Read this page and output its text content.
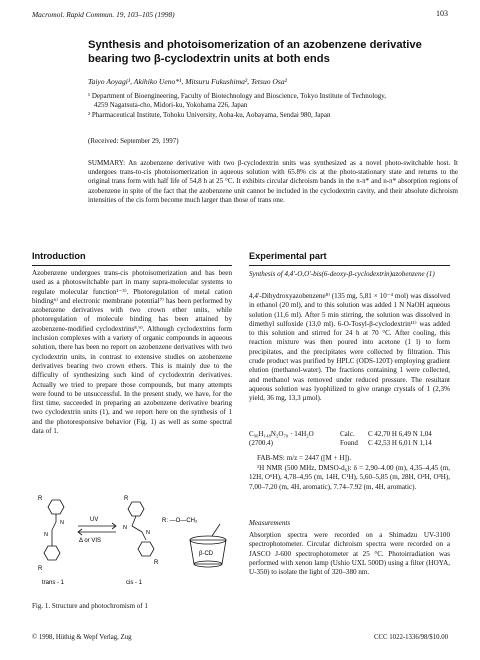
Macromol. Rapid Commun. 19, 103–105 (1998)	103
Synthesis and photoisomerization of an azobenzene derivative
bearing two β-cyclodextrin units at both ends
Taiyo Aoyagi¹, Akihiko Ueno*¹, Mitsuru Fukushima², Tetsuo Osa²
¹ Department of Bioengineering, Faculty of Biotechnology and Bioscience, Tokyo Institute of Technology,
4259 Nagatsuta-cho, Midori-ku, Yokohama 226, Japan
² Pharmaceutical Institute, Tohoku University, Aoba-ku, Aobayama, Sendai 980, Japan
(Received: September 29, 1997)
SUMMARY: An azobenzene derivative with two β-cyclodextrin units was synthesized as a novel photo-switchable host. It undergoes trans-to-cis photoisomerization in aqueous solution with 65.8% cis at the photo-stationary state and returns to the original trans form with half life of 54,8 h at 25 °C. It exhibits circular dichroism bands in the π-π* and n-π* absorption regions of azobenzene in spite of the fact that the azobenzene unit cannot be included in the cyclodextrin cavity, and their absolute dichroism intensities of the cis form become much larger than those of trans one.
Introduction
Azobenzene undergoes trans-cis photoisomerization and has been used as a photoswitchable part in many supra-molecular systems to regulate molecular function¹⁻⁵⁾. Photoregulation of metal cation binding⁶⁾ and electronic membrane potential⁷⁾ has been performed by azobenzene derivatives with two crown ether units, while photoregulation of molecule binding has been attained by azobenzene-modified cyclodextrins⁸,⁹⁾. Although cyclodextrins form inclusion complexes with a variety of organic compounds in aqueous solution, there has been no report on azobenzene derivatives with two cyclodextrin units, in contrast to extensive studies on azobenzene derivatives bearing two crown ethers. This is mainly due to the difficulty of synthesizing such kind of cyclodextrin derivatives. Actually we tried to prepare those compounds, but many attempts were found to be unsuccessful. In the present study, we have, for the first time, succeeded in preparing an azobenzene derivative bearing two cyclodextrin units (1), and we report here on the synthesis of 1 and the photoresponsive behavior (Fig. 1) as well as some spectral data of 1.
R
R
N
N
trans - 1
UV
Δ or VIS
R
R
N
N
cis - 1
R: —O—CH₂
β-CD
Fig. 1. Structure and photochromism of 1
Experimental part
Synthesis of 4,4′-O,O′-bis(6-deoxy-β-cyclodextrin)azobenzene (1)
4,4′-Dihydroxyazobenzene⁸⁾ (135 mg, 5,81 × 10⁻⁴ mol) was dissolved in ethanol (20 ml), and to this solution was added 1 N NaOH aqueous solution (11,6 ml). After 5 min stirring, the solution was dissolved in dimethyl sulfoxide (13,0 ml). 6-O-Tosyl-β-cyclodextrin¹¹⁾ was added to this solution and stirred for 24 h at 70 °C. After cooling, this reaction mixture was then poured into acetone (1 l) to form precipitates, and the precipitates were collected by filtration. This crude product was purified by HPLC (ODS-120T) employing gradient elution (methanol-water). The fractions containing 1 were collected, and methanol was removed under reduced pressure. The resultant aqueous solution was lyophilized to give orange crystals of 1 (2,3% yield, 36 mg, 13,3 µmol).
C₉₆H₁₄₈N₂O₇₀ · 14H₂O
(2700.4)
Calc. C 42,70 H 6,49 N 1,04
Found C 42,53 H 6,01 N 1,14
FAB-MS: m/z = 2447 ([M + H]).
¹H NMR (500 MHz, DMSO-d₆): δ = 2,90–4.00 (m), 4,35–4,45 (m, 12H, O⁶H), 4,78–4,95 (m, 14H, C¹H), 5,60–5,85 (m, 28H, O²H, O³H), 7,00–7,20 (m, 4H, aromatic), 7.74–7.92 (m, 4H, aromatic).
Measurements
Absorption spectra were recorded on a Shimadzu UV-3100 spectrophotometer. Circular dichroism spectra were recorded on a JASCO J-600 spectrophotometer at 25 °C. Photoirradiation was performed with xenon lamp (Ushio UXL 500D) using a filter (HOYA, U-350) to isolate the light of 320–380 nm.
© 1998, Hüthig & Wepf Verlag, Zug	CCC 1022-1336/98/$10.00
